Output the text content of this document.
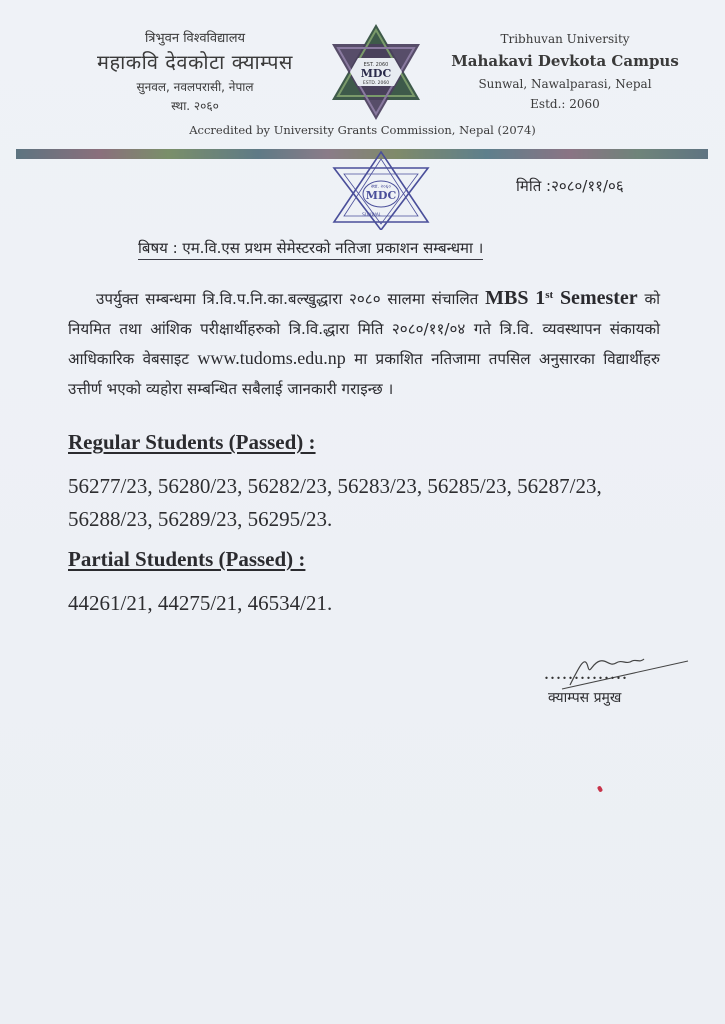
त्रिभुवन विश्वविद्यालय
महाकवि देवकोटा क्याम्पस
सुनवल, नवलपरासी, नेपाल
स्था. २०६०
EST. 2060
MDC
ESTD. 2060
Tribhuvan University
Mahakavi Devkota Campus
Sunwal, Nawalparasi, Nepal
Estd.: 2060
Accredited by University Grants Commission, Nepal (2074)
स्था. २०६०
MDC
SUNWAL
मिति :२०८०/११/०६
बिषय : एम.वि.एस प्रथम सेमेस्टरको नतिजा प्रकाशन सम्बन्धमा ।
उपर्युक्त सम्बन्धमा त्रि.वि.प.नि.का.बल्खुद्धारा २०८० सालमा संचालित MBS 1st Semester को नियमित तथा आंशिक परीक्षार्थीहरुको त्रि.वि.द्धारा मिति २०८०/११/०४ गते त्रि.वि. व्यवस्थापन संकायको आधिकारिक वेबसाइट www.tudoms.edu.np मा प्रकाशित नतिजामा तपसिल अनुसारका विद्यार्थीहरु उत्तीर्ण भएको व्यहोरा सम्बन्धित सबैलाई जानकारी गराइन्छ ।
Regular Students (Passed) :
56277/23, 56280/23, 56282/23, 56283/23, 56285/23, 56287/23,
56288/23, 56289/23, 56295/23.
Partial Students (Passed) :
44261/21, 44275/21, 46534/21.
..............
क्याम्पस प्रमुख
